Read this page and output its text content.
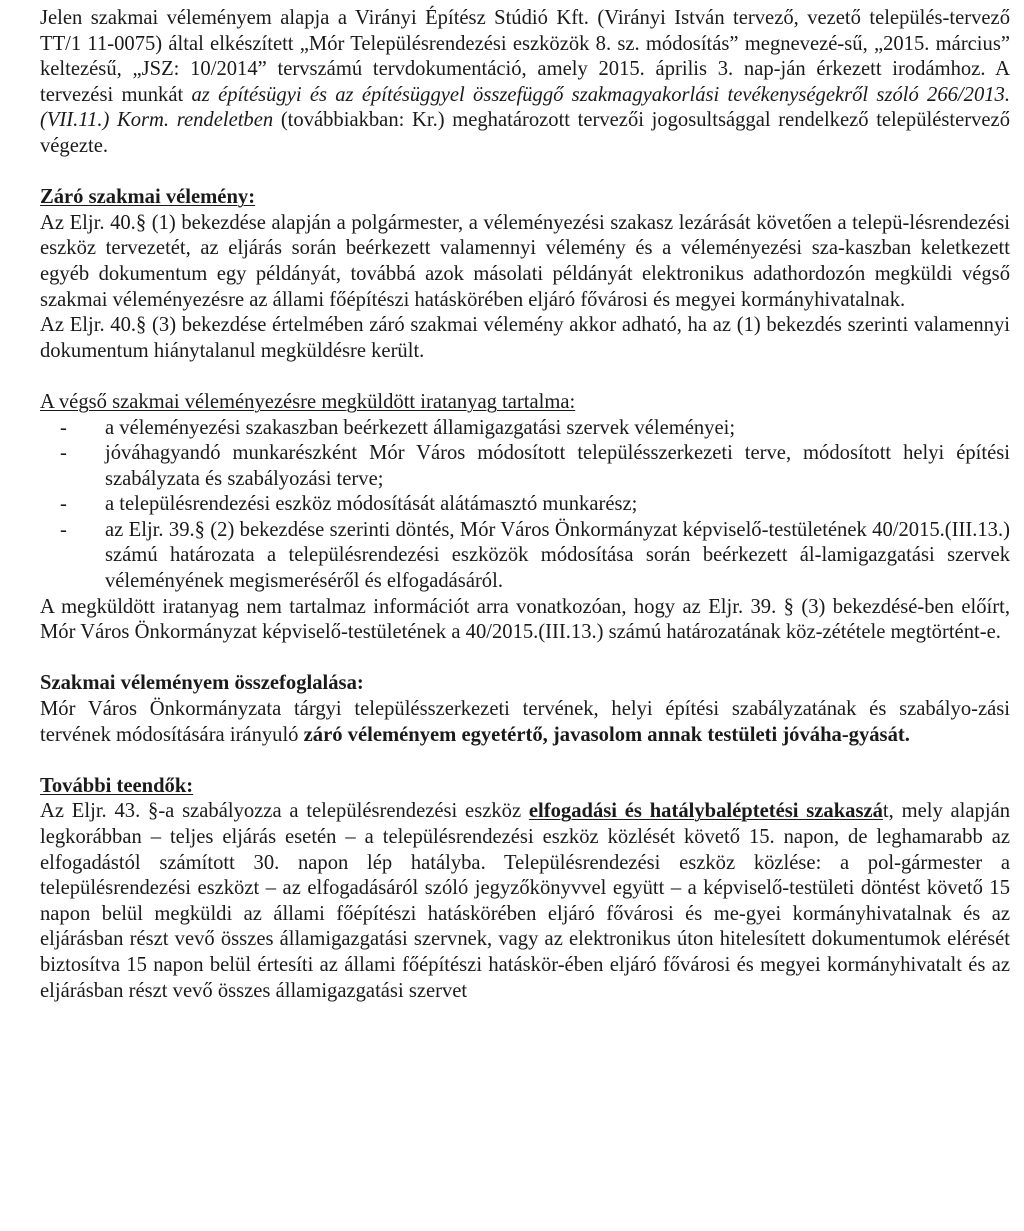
Jelen szakmai véleményem alapja a Virányi Építész Stúdió Kft. (Virányi István tervező, vezető település-tervező TT/1 11-0075) által elkészített „Mór Településrendezési eszközök 8. sz. módosítás” megnevezé-sű, „2015. március” keltezésű, „JSZ: 10/2014” tervszámú tervdokumentáció, amely 2015. április 3. nap-ján érkezett irodámhoz. A tervezési munkát az építésügyi és az építésüggyel összefüggő szakmagyakorlási tevékenységekről szóló 266/2013. (VII.11.) Korm. rendeletben (továbbiakban: Kr.) meghatározott tervezői jogosultsággal rendelkező településtervező végezte.

Záró szakmai vélemény:

Az Eljr. 40.§ (1) bekezdése alapján a polgármester, a véleményezési szakasz lezárását követően a telepü-lésrendezési eszköz tervezetét, az eljárás során beérkezett valamennyi vélemény és a véleményezési sza-kaszban keletkezett egyéb dokumentum egy példányát, továbbá azok másolati példányát elektronikus adathordozón megküldi végső szakmai véleményezésre az állami főépítészi hatáskörében eljáró fővárosi és megyei kormányhivatalnak.

Az Eljr. 40.§ (3) bekezdése értelmében záró szakmai vélemény akkor adható, ha az (1) bekezdés szerinti valamennyi dokumentum hiánytalanul megküldésre került.

A végső szakmai véleményezésre megküldött iratanyag tartalma:

- a véleményezési szakaszban beérkezett államigazgatási szervek véleményei;
- jóváhagyandó munkarészként Mór Város módosított településszerkezeti terve, módosított helyi építési szabályzata és szabályozási terve;
- a településrendezési eszköz módosítását alátámasztó munkarész;
- az Eljr. 39.§ (2) bekezdése szerinti döntés, Mór Város Önkormányzat képviselő-testületének 40/2015.(III.13.) számú határozata a településrendezési eszközök módosítása során beérkezett ál-lamigazgatási szervek véleményének megismeréséről és elfogadásáról.

A megküldött iratanyag nem tartalmaz információt arra vonatkozóan, hogy az Eljr. 39. § (3) bekezdésé-ben előírt, Mór Város Önkormányzat képviselő-testületének a 40/2015.(III.13.) számú határozatának köz-zététele megtörtént-e.

Szakmai véleményem összefoglalása:

Mór Város Önkormányzata tárgyi településszerkezeti tervének, helyi építési szabályzatának és szabályo-zási tervének módosítására irányuló záró véleményem egyetértő, javasolom annak testületi jóváha-gyását.

További teendők:

Az Eljr. 43. §-a szabályozza a településrendezési eszköz elfogadási és hatálybaléptetési szakaszát, mely alapján legkorábban – teljes eljárás esetén – a településrendezési eszköz közlését követő 15. napon, de leghamarabb az elfogadástól számított 30. napon lép hatályba. Településrendezési eszköz közlése: a pol-gármester a településrendezési eszközt – az elfogadásáról szóló jegyzőkönyvvel együtt – a képviselő-testületi döntést követő 15 napon belül megküldi az állami főépítészi hatáskörében eljáró fővárosi és me-gyei kormányhivatalnak és az eljárásban részt vevő összes államigazgatási szervnek, vagy az elektronikus úton hitelesített dokumentumok elérését biztosítva 15 napon belül értesíti az állami főépítészi hatáskör-ében eljáró fővárosi és megyei kormányhivatalt és az eljárásban részt vevő összes államigazgatási szervet
